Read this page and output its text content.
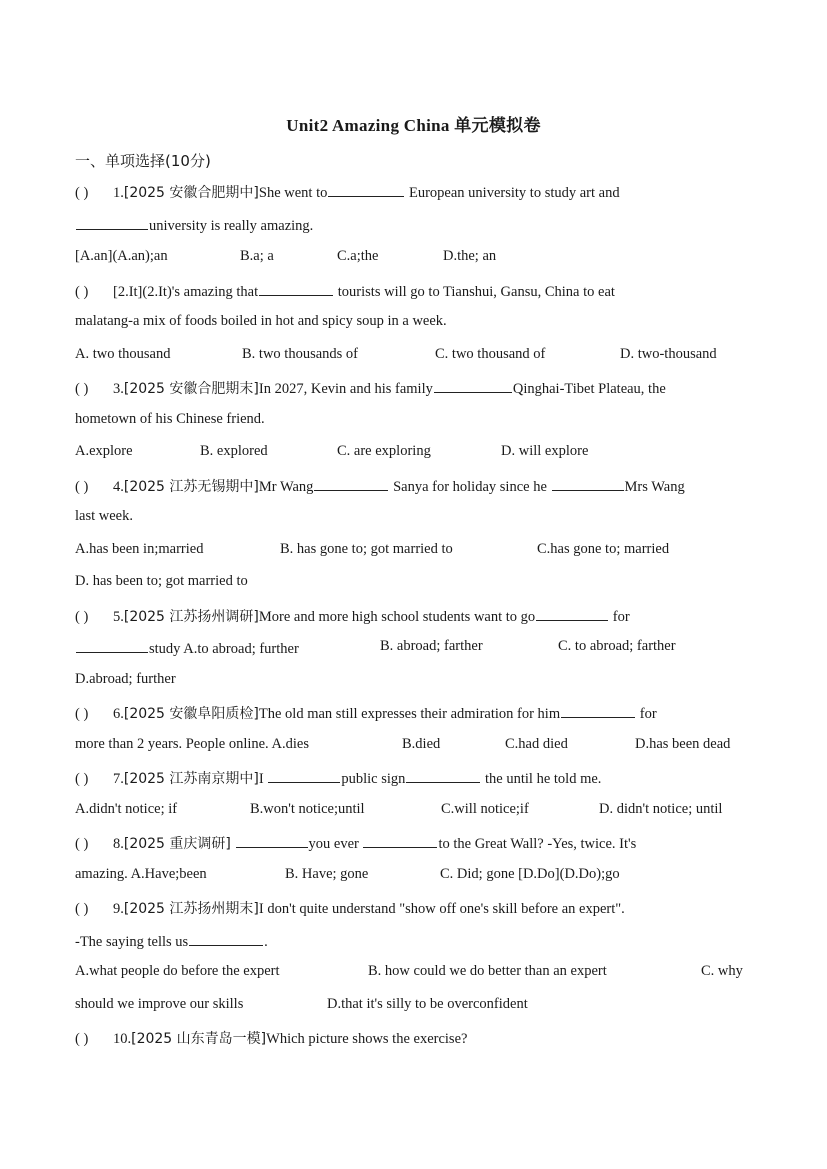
Unit2 Amazing China 单元模拟卷
一、单项选择(10分)
( ) 1.[2025 安徽合肥期中]She went to	European university to study art and
university is really amazing.
[A.an](A.an);an	B.a; a	C.a;the	D.the; an
( ) [2.It](2.It)'s amazing that	tourists will go to Tianshui, Gansu, China to eat
malatang-a mix of foods boiled in hot and spicy soup in a week.
A. two thousand	B. two thousands of	C. two thousand of	D. two-thousand
( ) 3.[2025 安徽合肥期末]In 2027, Kevin and his family	Qinghai-Tibet Plateau, the
hometown of his Chinese friend.
A.explore	B. explored	C. are exploring	D. will explore
( ) 4.[2025 江苏无锡期中]Mr Wang	Sanya for holiday since he	Mrs Wang
last week.
A.has been in;married	B. has gone to; got married to	C.has gone to; married
D. has been to; got married to
( ) 5.[2025 江苏扬州调研]More and more high school students want to go	for
study A.to abroad; further	B. abroad; farther	C. to abroad; farther
D.abroad; further
( ) 6.[2025 安徽阜阳质检]The old man still expresses their admiration for him	for
more than 2 years. People online. A.dies	B.died	C.had died	D.has been dead
( ) 7.[2025 江苏南京期中]I	public sign	the until he told me.
A.didn't notice; if	B.won't notice;until	C.will notice;if	D. didn't notice; until
( ) 8.[2025 重庆调研]	you ever	to the Great Wall? -Yes, twice. It's
amazing. A.Have;been	B. Have; gone	C. Did; gone [D.Do](D.Do);go
( ) 9.[2025 江苏扬州期末]I don't quite understand "show off one's skill before an expert".
-The saying tells us	.
A.what people do before the expert	B. how could we do better than an expert	C. why
should we improve our skills	D.that it's silly to be overconfident
( ) 10.[2025 山东青岛一模]Which picture shows the exercise?
